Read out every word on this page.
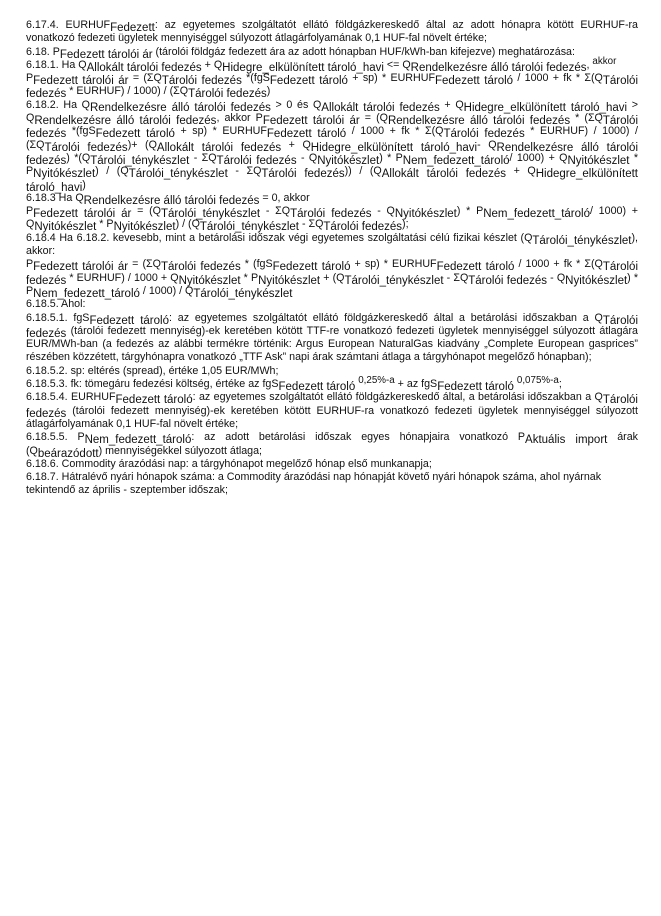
6.17.4. $EURHUF_{Fedezett}$: az egyetemes szolgáltatót ellátó földgázkereskedő által az adott hónapra kötött EURHUF-ra vonatkozó fedezeti ügyletek mennyiséggel súlyozott átlagárfolyamának 0,1 HUF-fal növelt értéke;

6.18. $P_{Fedezett tárolói ár}$ (tárolói földgáz fedezett ára az adott hónapban HUF/kWh-ban kifejezve) meghatározása:

6.18.1. Ha $Q_{Allokált tárolói fedezés} + Q_{Hidegre\_elkülönített tároló\_havi} <= Q_{Rendelkezésre álló tárolói fedezés}$, $^{akkor}$

$P_{Fedezett tárolói ár} = (\Sigma Q_{Tárolói fedezés}$ $*(fgS_{Fedezett tároló} + sp) * EURHUF_{Fedezett tároló} / 1000$ + fk * $\Sigma(Q_{Tárolói fedezés}$ * EURHUF) / $1000) / (\Sigma Q_{Tárolói fedezés})$

6.18.2. Ha $Q_{Rendelkezésre álló tárolói fedezés} > 0$ és $Q_{Allokált tárolói fedezés} + Q_{Hidegre\_elkülönített tároló\_havi} > Q_{Rendelkezésre álló tárolói fedezés}$, akkor $P_{Fedezett tárolói ár} = (Q_{Rendelkezésre álló tárolói fedezés} * (\Sigma Q_{Tárolói fedezés}$ $*(fgS_{Fedezett tároló} + sp) * EURHUF_{Fedezett tároló} / 1000$ + fk * $\Sigma(Q_{Tárolói fedezés}$ * EURHUF) / $1000) / (\Sigma Q_{Tárolói fedezés})+ (Q_{Allokált tárolói fedezés} + Q_{Hidegre\_elkülönített tároló\_havi}-$ $Q_{Rendelkezésre álló tárolói fedezés}$) $*(Q_{Tárolói\_ténykészlet} - \Sigma Q_{Tárolói fedezés} - Q_{Nyitókészlet}) * P_{Nem\_fedezett\_tároló}/$ $1000) + Q_{Nyitókészlet} * P_{Nyitókészlet}) / (Q_{Tárolói\_ténykészlet} - \Sigma Q_{Tárolói fedezés})) / (Q_{Allokált tárolói fedezés} + Q_{Hidegre\_elkülönített tároló\_havi})$

6.18.3 Ha $Q_{Rendelkezésre álló tárolói fedezés} = 0$, akkor

$P_{Fedezett tárolói ár} = (Q_{Tárolói\_ténykészlet} - \Sigma Q_{Tárolói fedezés} - Q_{Nyitókészlet}) * P_{Nem\_fedezett\_tároló}/$ $1000) + Q_{Nyitókészlet} * P_{Nyitókészlet}) / (Q_{Tárolói\_ténykészlet} - \Sigma Q_{Tárolói fedezés})$;

6.18.4 Ha 6.18.2. kevesebb, mint a betárolási időszak végi egyetemes szolgáltatási célú fizikai készlet $(Q_{Tárolói\_ténykészlet})$, akkor:

$P_{Fedezett tárolói ár} = (\Sigma Q_{Tárolói fedezés} * (fgS_{Fedezett tároló} + sp)$ * $EURHUF_{Fedezett tároló} / 1000$ + fk * $\Sigma(Q_{Tárolói fedezés}$ * EURHUF) / $1000 + Q_{Nyitókészlet} * P_{Nyitókészlet} + (Q_{Tárolói\_ténykészlet} - \Sigma Q_{Tárolói fedezés} - Q_{Nyitókészlet}) * P_{Nem\_fedezett\_tároló} / 1000) / Q_{Tárolói\_ténykészlet}$

6.18.5. Ahol:

6.18.5.1. fgS$_{Fedezett tároló}$: az egyetemes szolgáltatót ellátó földgázkereskedő által a betárolási időszakban a $Q_{Tárolói fedezés}$ (tárolói fedezett mennyiség)-ek keretében kötött TTF-re vonatkozó fedezeti ügyletek mennyiséggel súlyozott átlagára EUR/MWh-ban (a fedezés az alábbi termékre történik: Argus European NaturalGas kiadvány „Complete European gasprices” részében közzétett, tárgyhónapra vonatkozó „TTF Ask” napi árak számtani átlaga a tárgyhónapot megelőző hónapban);

6.18.5.2. sp: eltérés (spread), értéke 1,05 EUR/MWh;

6.18.5.3. fk: tömegáru fedezési költség, értéke az fgS$_{Fedezett tároló}$ $^{0,25\%-a}$ + az fgS$_{Fedezett tároló}$ $^{0,075\%-a}$;

6.18.5.4. $EURHUF_{Fedezett tároló}$: az egyetemes szolgáltatót ellátó földgázkereskedő által, a betárolási időszakban a $Q_{Tárolói fedezés}$ (tárolói fedezett mennyiség)-ek keretében kötött EURHUF-ra vonatkozó fedezeti ügyletek mennyiséggel súlyozott átlagárfolyamának 0,1 HUF-fal növelt értéke;

6.18.5.5. $P_{Nem\_fedezett\_tároló}$: az adott betárolási időszak egyes hónapjaira vonatkozó $P_{Aktuális import}$ árak $(Q_{beárazódott})$ mennyiségekkel súlyozott átlaga;

6.18.6. Commodity árazódási nap: a tárgyhónapot megelőző hónap első munkanapja;

6.18.7. Hátralévő nyári hónapok száma: a Commodity árazódási nap hónapját követő nyári hónapok száma, ahol nyárnak tekintendő az április - szeptember időszak;
